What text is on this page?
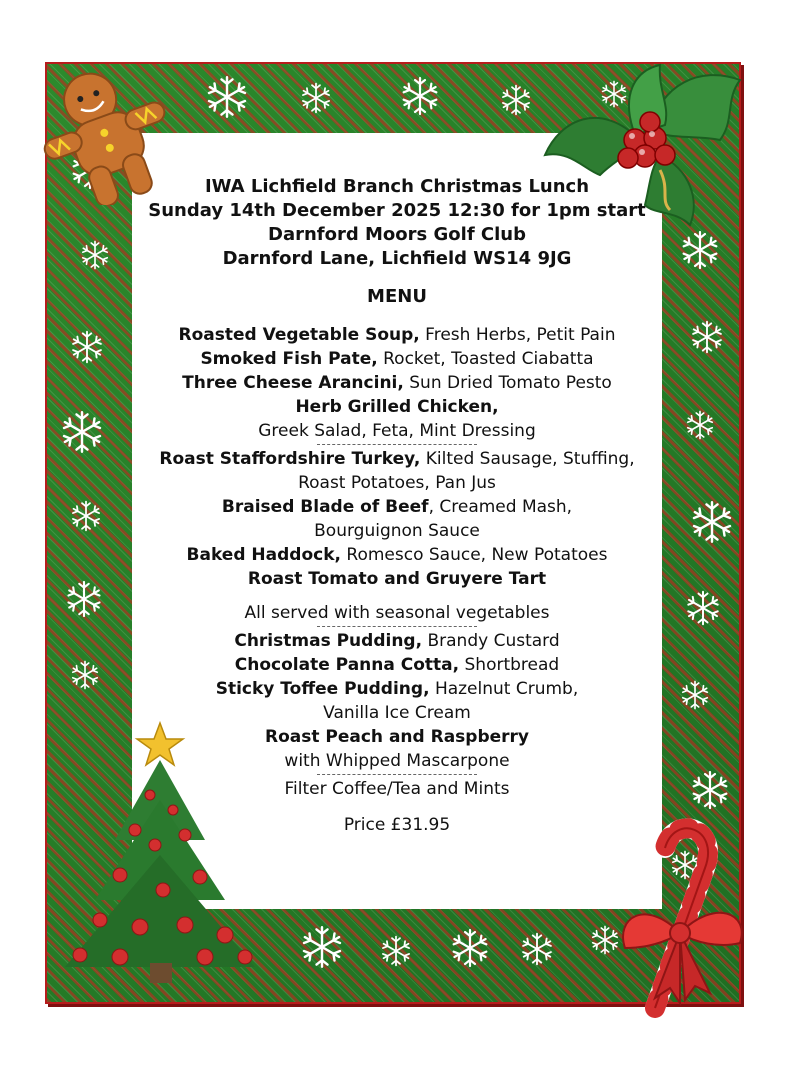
IWA Lichfield Branch Christmas Lunch

Sunday 14th December 2025 12:30 for 1pm start

Darnford Moors Golf Club

Darnford Lane, Lichfield WS14 9JG

MENU

Roasted Vegetable Soup, Fresh Herbs, Petit Pain

Smoked Fish Pate, Rocket, Toasted Ciabatta

Three Cheese Arancini, Sun Dried Tomato Pesto

Herb Grilled Chicken,

Greek Salad, Feta, Mint Dressing

Roast Staffordshire Turkey, Kilted Sausage, Stuffing,

Roast Potatoes, Pan Jus

Braised Blade of Beef, Creamed Mash,

Bourguignon Sauce

Baked Haddock, Romesco Sauce, New Potatoes

Roast Tomato and Gruyere Tart

All served with seasonal vegetables

Christmas Pudding, Brandy Custard

Chocolate Panna Cotta, Shortbread

Sticky Toffee Pudding, Hazelnut Crumb,

Vanilla Ice Cream

Roast Peach and Raspberry

with Whipped Mascarpone

Filter Coffee/Tea and Mints

Price £31.95
